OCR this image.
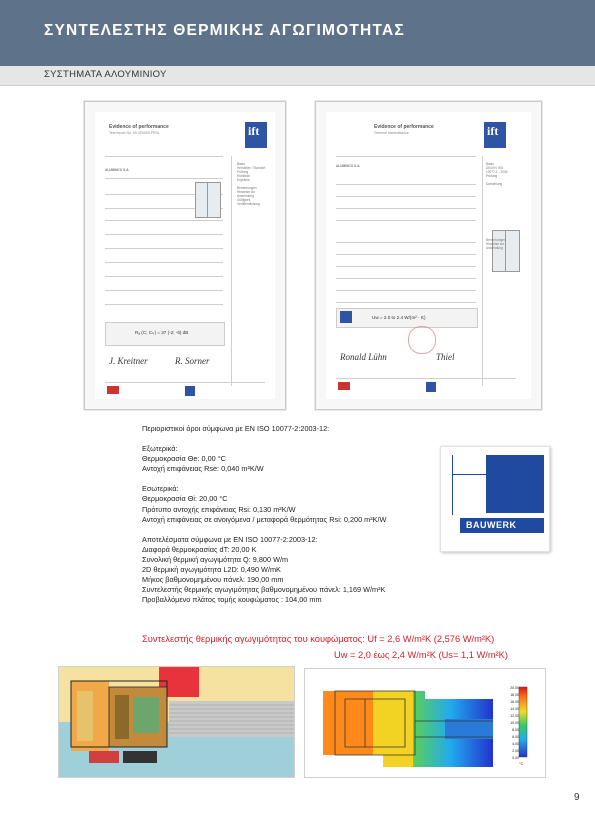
ΣΥΝΤΕΛΕΣΤΗΣ ΘΕΡΜΙΚΗΣ ΑΓΩΓΙΜΟΤΗΤΑΣ
ΣΥΣΤΗΜΑΤΑ ΑΛΟΥΜΙΝΙΟΥ
Evidence of performance
Test report No. 09-000000-PR01	ift
ALUMINCO S.A.
Basis
Hersteller / Standort
Prüfung
Richtlinie
Ergebnis

Bemerkungen
Hinweise zur
Anwendung
Gültigkeit
Veröffentlichung
Rₐ (C; Cₜᵣ) = 37 (-2; -6) dB
J. Kreitner	R. Sorner
Evidence of performance
Thermal transmittance	ift
ALUMINCO S.A.	Basis
DIN EN ISO
10077-1 : 2006
Prüfung

Darstellung

Bemerkungen
Hinweise zur
Anwendung
Uw = 2.0 to 2.4 W/(m² · K)
Ronald Lühn	Thiel
Περιοριστικοί όροι σύμφωνα με EN ISO 10077-2:2003-12:
Εξωτερικά:
Θερμοκρασία Θe: 0,00 °C
Αντοχή επιφάνειας Rse: 0,040 m²K/W
Εσωτερικά:
Θερμοκρασία Θi: 20,00 °C
Πρότυπο αντοχής επιφάνειας Rsi: 0,130 m²K/W
Αντοχή επιφάνειας σε ανοιγόμενα / μεταφορά θερμότητας Rsi: 0,200 m²K/W
Αποτελέσματα σύμφωνα με EN ISO 10077-2:2003-12:
Διαφορά θερμοκρασίας dT: 20,00 K
Συνολική θερμική αγωγιμότητα Q: 9,800 W/m
2D θερμική αγωγιμότητα L2D: 0,490 W/mK
Μήκος βαθμονομημένου πάνελ: 190,00 mm
Συντελεστής θερμικής αγωγιμότητας βαθμονομημένου πάνελ: 1,169 W/m²K
Προβαλλόμενο πλάτος τομής κουφώματος : 104,00 mm
BAUWERK
Συντελεστής θερμικής αγωγιμότητας του κουφώματος: Uf = 2,6 W/m²K (2,576 W/m²K)
Uw = 2,0 έως 2,4 W/m²K (Us= 1,1 W/m²K)
20.00
18.00
16.00
14.00
12.00
10.00
8.00
6.00
4.00
2.00
0.00
°C
9
